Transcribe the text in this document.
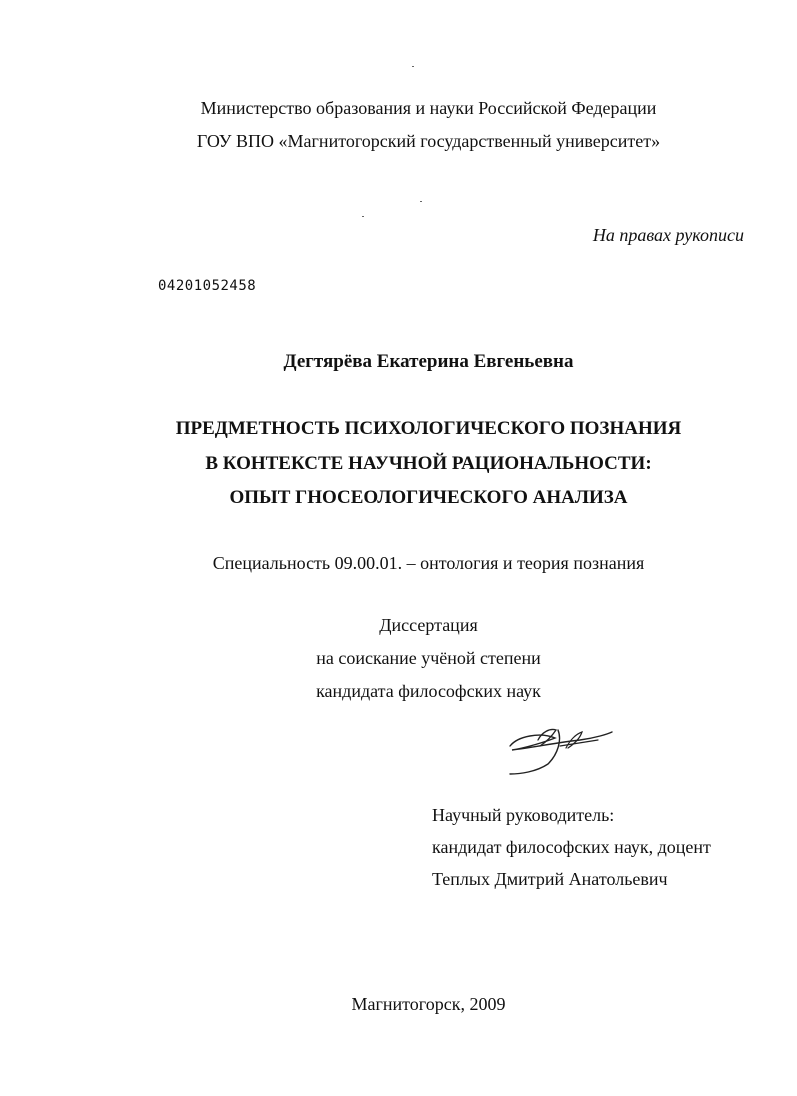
Министерство образования и науки Российской Федерации
ГОУ ВПО «Магнитогорский государственный университет»
На правах рукописи
04201052458
Дегтярёва Екатерина Евгеньевна
ПРЕДМЕТНОСТЬ ПСИХОЛОГИЧЕСКОГО ПОЗНАНИЯ
В КОНТЕКСТЕ НАУЧНОЙ РАЦИОНАЛЬНОСТИ:
ОПЫТ ГНОСЕОЛОГИЧЕСКОГО АНАЛИЗА
Специальность 09.00.01. – онтология и теория познания
Диссертация
на соискание учёной степени
кандидата философских наук
Научный руководитель:
кандидат философских наук, доцент
Теплых Дмитрий Анатольевич
Магнитогорск, 2009
